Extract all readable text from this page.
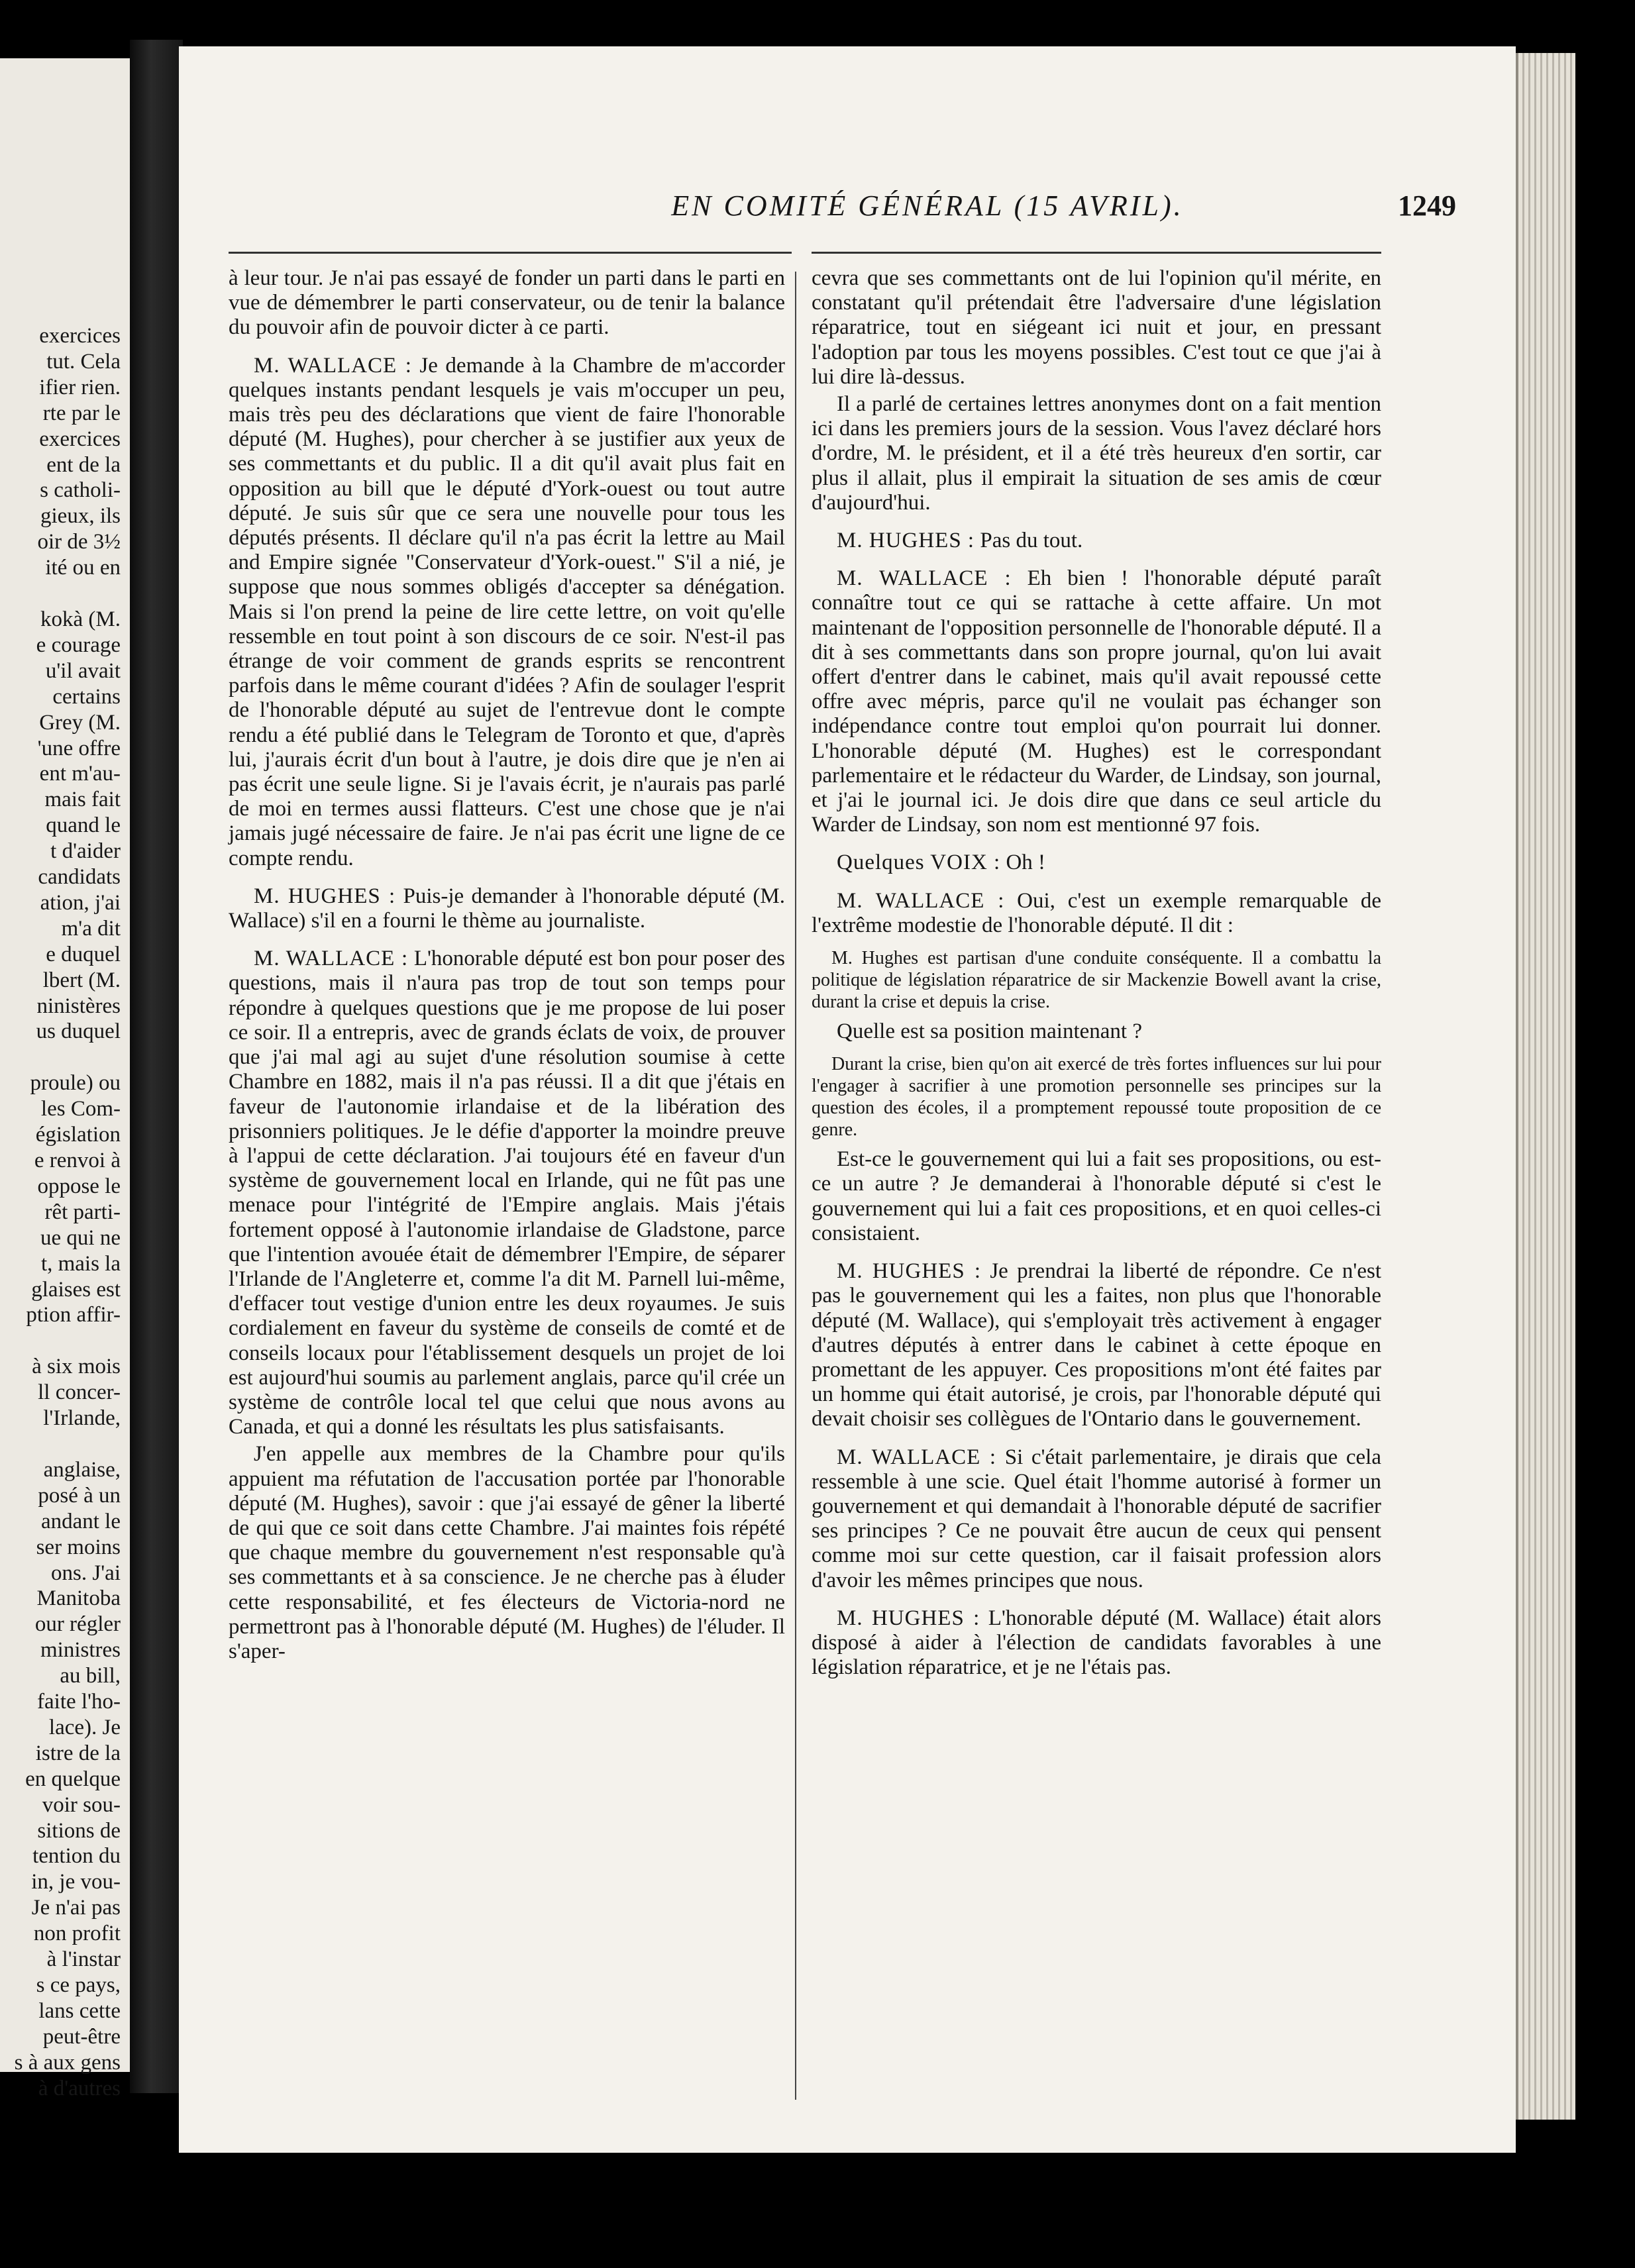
exercices
tut. Cela
ifier rien.
rte par le
exercices
ent de la
s catholi-
gieux, ils
oir de 3½
ité ou en

kokà (M.
e courage
u'il avait
certains
Grey (M.
'une offre
ent m'au-
mais fait
quand le
t d'aider
candidats
ation, j'ai
m'a dit
e duquel
lbert (M.
ninistères
us duquel

proule) ou
les Com-
égislation
e renvoi à
oppose le
rêt parti-
ue qui ne
t, mais la
glaises est
ption affir-

à six mois
ll concer-
l'Irlande,

anglaise,
posé à un
andant le
ser moins
ons. J'ai
Manitoba
our régler
ministres
au bill,
faite l'ho-
lace). Je
istre de la
en quelque
voir sou-
sitions de
tention du
in, je vou-
Je n'ai pas
non profit
à l'instar
s ce pays,
lans cette
peut-être
s à aux gens
à d'autres
EN COMITÉ GÉNÉRAL (15 AVRIL).	1249

à leur tour. Je n'ai pas essayé de fonder un parti dans le parti en vue de démembrer le parti conservateur, ou de tenir la balance du pouvoir afin de pouvoir dicter à ce parti.

M. WALLACE : Je demande à la Chambre de m'accorder quelques instants pendant lesquels je vais m'occuper un peu, mais très peu des déclarations que vient de faire l'honorable député (M. Hughes), pour chercher à se justifier aux yeux de ses commettants et du public. Il a dit qu'il avait plus fait en opposition au bill que le député d'York-ouest ou tout autre député. Je suis sûr que ce sera une nouvelle pour tous les députés présents. Il déclare qu'il n'a pas écrit la lettre au Mail and Empire signée "Conservateur d'York-ouest." S'il a nié, je suppose que nous sommes obligés d'accepter sa dénégation. Mais si l'on prend la peine de lire cette lettre, on voit qu'elle ressemble en tout point à son discours de ce soir. N'est-il pas étrange de voir comment de grands esprits se rencontrent parfois dans le même courant d'idées ? Afin de soulager l'esprit de l'honorable député au sujet de l'entrevue dont le compte rendu a été publié dans le Telegram de Toronto et que, d'après lui, j'aurais écrit d'un bout à l'autre, je dois dire que je n'en ai pas écrit une seule ligne. Si je l'avais écrit, je n'aurais pas parlé de moi en termes aussi flatteurs. C'est une chose que je n'ai jamais jugé nécessaire de faire. Je n'ai pas écrit une ligne de ce compte rendu.

M. HUGHES : Puis-je demander à l'honorable député (M. Wallace) s'il en a fourni le thème au journaliste.

M. WALLACE : L'honorable député est bon pour poser des questions, mais il n'aura pas trop de tout son temps pour répondre à quelques questions que je me propose de lui poser ce soir. Il a entrepris, avec de grands éclats de voix, de prouver que j'ai mal agi au sujet d'une résolution soumise à cette Chambre en 1882, mais il n'a pas réussi. Il a dit que j'étais en faveur de l'autonomie irlandaise et de la libération des prisonniers politiques. Je le défie d'apporter la moindre preuve à l'appui de cette déclaration. J'ai toujours été en faveur d'un système de gouvernement local en Irlande, qui ne fût pas une menace pour l'intégrité de l'Empire anglais. Mais j'étais fortement opposé à l'autonomie irlandaise de Gladstone, parce que l'intention avouée était de démembrer l'Empire, de séparer l'Irlande de l'Angleterre et, comme l'a dit M. Parnell lui-même, d'effacer tout vestige d'union entre les deux royaumes. Je suis cordialement en faveur du système de conseils de comté et de conseils locaux pour l'établissement desquels un projet de loi est aujourd'hui soumis au parlement anglais, parce qu'il crée un système de contrôle local tel que celui que nous avons au Canada, et qui a donné les résultats les plus satisfaisants.

J'en appelle aux membres de la Chambre pour qu'ils appuient ma réfutation de l'accusation portée par l'honorable député (M. Hughes), savoir : que j'ai essayé de gêner la liberté de qui que ce soit dans cette Chambre. J'ai maintes fois répété que chaque membre du gouvernement n'est responsable qu'à ses commettants et à sa conscience. Je ne cherche pas à éluder cette responsabilité, et fes électeurs de Victoria-nord ne permettront pas à l'honorable député (M. Hughes) de l'éluder. Il s'aper-

cevra que ses commettants ont de lui l'opinion qu'il mérite, en constatant qu'il prétendait être l'adversaire d'une législation réparatrice, tout en siégeant ici nuit et jour, en pressant l'adoption par tous les moyens possibles. C'est tout ce que j'ai à lui dire là-dessus.

Il a parlé de certaines lettres anonymes dont on a fait mention ici dans les premiers jours de la session. Vous l'avez déclaré hors d'ordre, M. le président, et il a été très heureux d'en sortir, car plus il allait, plus il empirait la situation de ses amis de cœur d'aujourd'hui.

M. HUGHES : Pas du tout.

M. WALLACE : Eh bien ! l'honorable député paraît connaître tout ce qui se rattache à cette affaire. Un mot maintenant de l'opposition personnelle de l'honorable député. Il a dit à ses commettants dans son propre journal, qu'on lui avait offert d'entrer dans le cabinet, mais qu'il avait repoussé cette offre avec mépris, parce qu'il ne voulait pas échanger son indépendance contre tout emploi qu'on pourrait lui donner. L'honorable député (M. Hughes) est le correspondant parlementaire et le rédacteur du Warder, de Lindsay, son journal, et j'ai le journal ici. Je dois dire que dans ce seul article du Warder de Lindsay, son nom est mentionné 97 fois.

Quelques VOIX : Oh !

M. WALLACE : Oui, c'est un exemple remarquable de l'extrême modestie de l'honorable député. Il dit :

M. Hughes est partisan d'une conduite conséquente. Il a combattu la politique de législation réparatrice de sir Mackenzie Bowell avant la crise, durant la crise et depuis la crise.

Quelle est sa position maintenant ?

Durant la crise, bien qu'on ait exercé de très fortes influences sur lui pour l'engager à sacrifier à une promotion personnelle ses principes sur la question des écoles, il a promptement repoussé toute proposition de ce genre.

Est-ce le gouvernement qui lui a fait ses propositions, ou est-ce un autre ? Je demanderai à l'honorable député si c'est le gouvernement qui lui a fait ces propositions, et en quoi celles-ci consistaient.

M. HUGHES : Je prendrai la liberté de répondre. Ce n'est pas le gouvernement qui les a faites, non plus que l'honorable député (M. Wallace), qui s'employait très activement à engager d'autres députés à entrer dans le cabinet à cette époque en promettant de les appuyer. Ces propositions m'ont été faites par un homme qui était autorisé, je crois, par l'honorable député qui devait choisir ses collègues de l'Ontario dans le gouvernement.

M. WALLACE : Si c'était parlementaire, je dirais que cela ressemble à une scie. Quel était l'homme autorisé à former un gouvernement et qui demandait à l'honorable député de sacrifier ses principes ? Ce ne pouvait être aucun de ceux qui pensent comme moi sur cette question, car il faisait profession alors d'avoir les mêmes principes que nous.

M. HUGHES : L'honorable député (M. Wallace) était alors disposé à aider à l'élection de candidats favorables à une législation réparatrice, et je ne l'étais pas.
